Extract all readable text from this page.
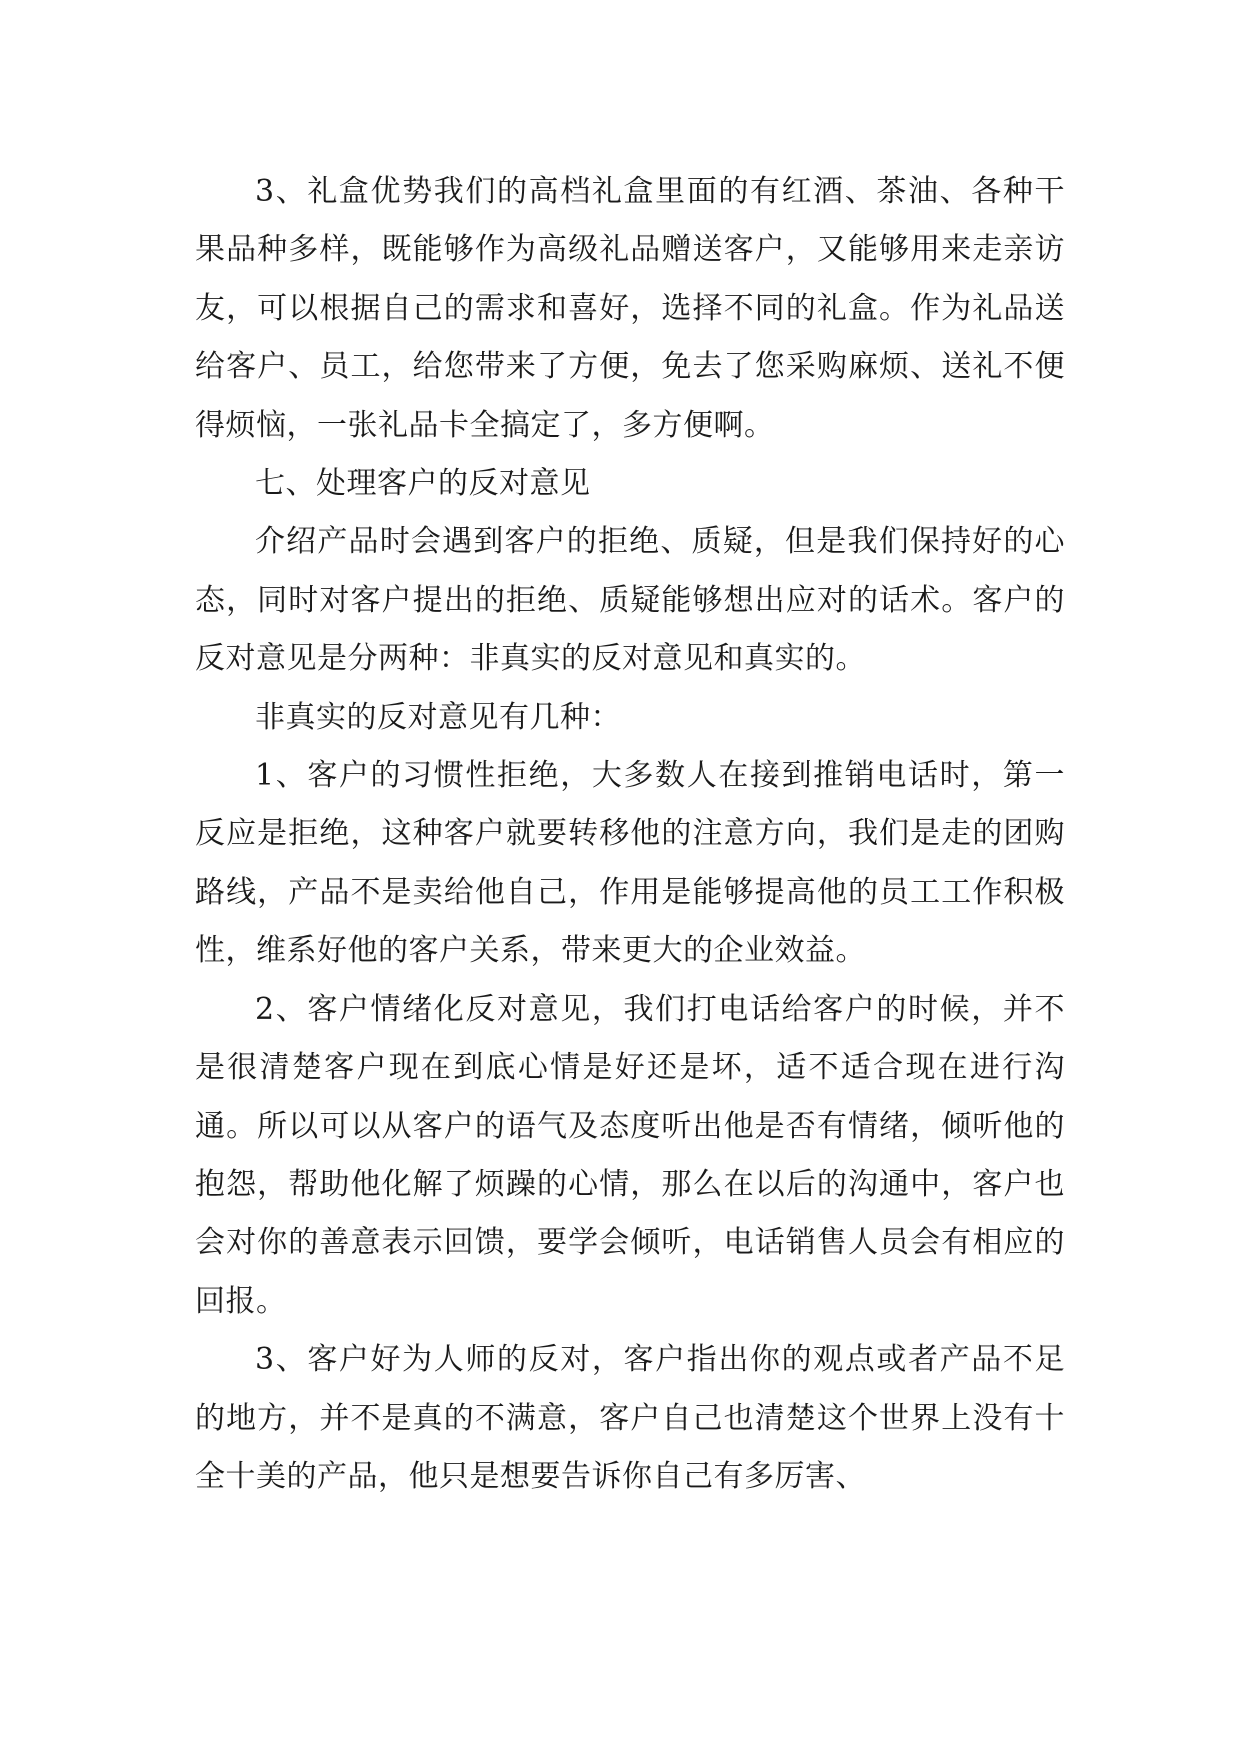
3、礼盒优势我们的高档礼盒里面的有红酒、茶油、各种干果品种多样，既能够作为高级礼品赠送客户，又能够用来走亲访友，可以根据自己的需求和喜好，选择不同的礼盒。作为礼品送给客户、员工，给您带来了方便，免去了您采购麻烦、送礼不便得烦恼，一张礼品卡全搞定了，多方便啊。

七、处理客户的反对意见

介绍产品时会遇到客户的拒绝、质疑，但是我们保持好的心态，同时对客户提出的拒绝、质疑能够想出应对的话术。客户的反对意见是分两种：非真实的反对意见和真实的。

非真实的反对意见有几种：

1、客户的习惯性拒绝，大多数人在接到推销电话时，第一反应是拒绝，这种客户就要转移他的注意方向，我们是走的团购路线，产品不是卖给他自己，作用是能够提高他的员工工作积极性，维系好他的客户关系，带来更大的企业效益。

2、客户情绪化反对意见，我们打电话给客户的时候，并不是很清楚客户现在到底心情是好还是坏，适不适合现在进行沟通。所以可以从客户的语气及态度听出他是否有情绪，倾听他的抱怨，帮助他化解了烦躁的心情，那么在以后的沟通中，客户也会对你的善意表示回馈，要学会倾听，电话销售人员会有相应的回报。

3、客户好为人师的反对，客户指出你的观点或者产品不足的地方，并不是真的不满意，客户自己也清楚这个世界上没有十全十美的产品，他只是想要告诉你自己有多厉害、
